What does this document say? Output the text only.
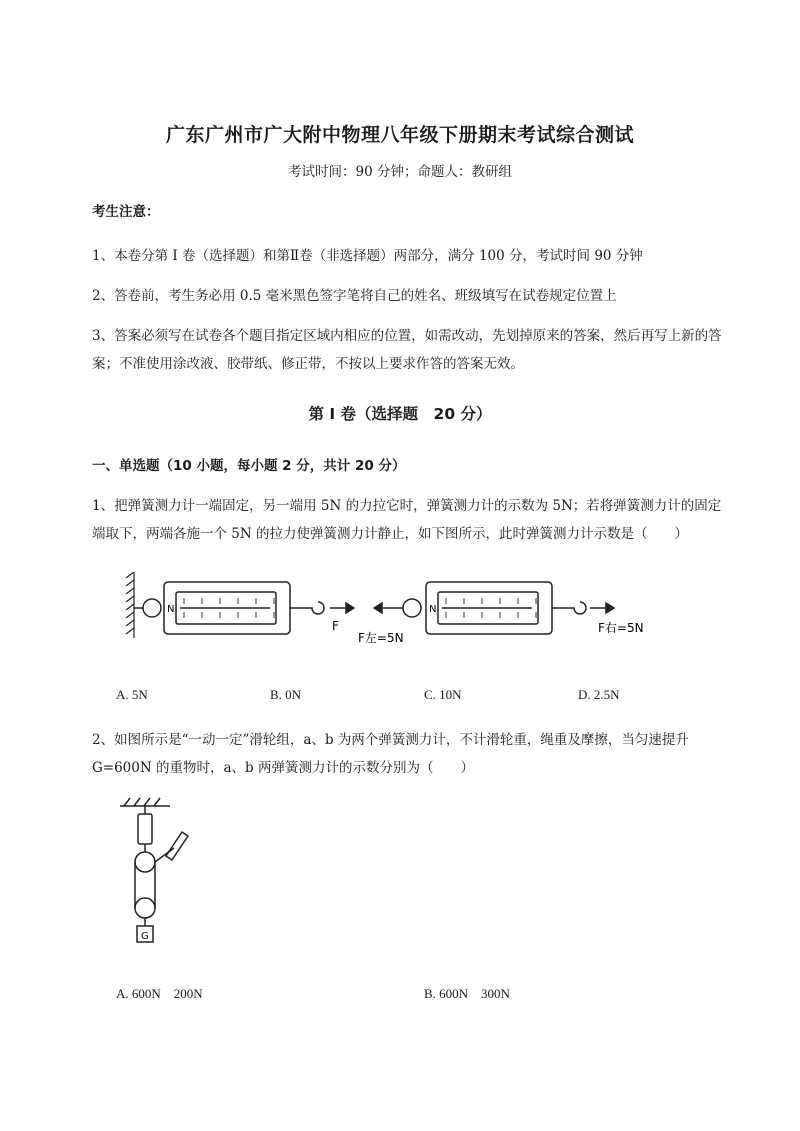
广东广州市广大附中物理八年级下册期末考试综合测试
考试时间：90 分钟；命题人：教研组
考生注意：
1、本卷分第 I 卷（选择题）和第Ⅱ卷（非选择题）两部分，满分 100 分，考试时间 90 分钟
2、答卷前，考生务必用 0.5 毫米黑色签字笔将自己的姓名、班级填写在试卷规定位置上
3、答案必须写在试卷各个题目指定区域内相应的位置，如需改动，先划掉原来的答案，然后再写上新的答案；不准使用涂改液、胶带纸、修正带，不按以上要求作答的答案无效。
第 I 卷（选择题　20 分）
一、单选题（10 小题，每小题 2 分，共计 20 分）
1、把弹簧测力计一端固定，另一端用 5N 的力拉它时，弹簧测力计的示数为 5N；若将弹簧测力计的固定端取下，两端各施一个 5N 的拉力使弹簧测力计静止，如下图所示，此时弹簧测力计示数是（　　）
N
F
N
F左=5N
F右=5N
A. 5N	B. 0N	C. 10N	D. 2.5N
2、如图所示是“一动一定”滑轮组，a、b 为两个弹簧测力计，不计滑轮重，绳重及摩擦，当匀速提升 G=600N 的重物时，a、b 两弹簧测力计的示数分别为（　　）
G
A. 600N　200N	B. 600N　300N
